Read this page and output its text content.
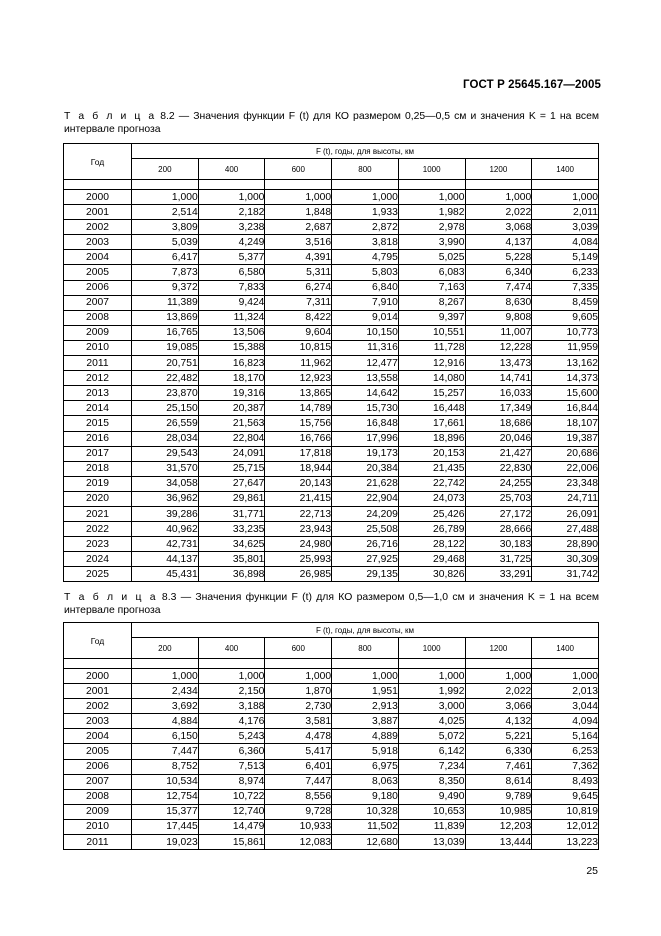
ГОСТ Р 25645.167—2005
Т а б л и ц а 8.2 — Значения функции F (t) для КО размером 0,25—0,5 см и значения K = 1 на всем интервале прогноза
Год	F (t), годы, для высоты, км						
	200	400	600	800	1000	1200	1400

2000	1,000	1,000	1,000	1,000	1,000	1,000	1,000
2001	2,514	2,182	1,848	1,933	1,982	2,022	2,011
2002	3,809	3,238	2,687	2,872	2,978	3,068	3,039
2003	5,039	4,249	3,516	3,818	3,990	4,137	4,084
2004	6,417	5,377	4,391	4,795	5,025	5,228	5,149
2005	7,873	6,580	5,311	5,803	6,083	6,340	6,233
2006	9,372	7,833	6,274	6,840	7,163	7,474	7,335
2007	11,389	9,424	7,311	7,910	8,267	8,630	8,459
2008	13,869	11,324	8,422	9,014	9,397	9,808	9,605
2009	16,765	13,506	9,604	10,150	10,551	11,007	10,773
2010	19,085	15,388	10,815	11,316	11,728	12,228	11,959
2011	20,751	16,823	11,962	12,477	12,916	13,473	13,162
2012	22,482	18,170	12,923	13,558	14,080	14,741	14,373
2013	23,870	19,316	13,865	14,642	15,257	16,033	15,600
2014	25,150	20,387	14,789	15,730	16,448	17,349	16,844
2015	26,559	21,563	15,756	16,848	17,661	18,686	18,107
2016	28,034	22,804	16,766	17,996	18,896	20,046	19,387
2017	29,543	24,091	17,818	19,173	20,153	21,427	20,686
2018	31,570	25,715	18,944	20,384	21,435	22,830	22,006
2019	34,058	27,647	20,143	21,628	22,742	24,255	23,348
2020	36,962	29,861	21,415	22,904	24,073	25,703	24,711
2021	39,286	31,771	22,713	24,209	25,426	27,172	26,091
2022	40,962	33,235	23,943	25,508	26,789	28,666	27,488
2023	42,731	34,625	24,980	26,716	28,122	30,183	28,890
2024	44,137	35,801	25,993	27,925	29,468	31,725	30,309
2025	45,431	36,898	26,985	29,135	30,826	33,291	31,742
Т а б л и ц а 8.3 — Значения функции F (t) для КО размером 0,5—1,0 см и значения K = 1 на всем интервале прогноза
Год	F (t), годы, для высоты, км						
	200	400	600	800	1000	1200	1400

2000	1,000	1,000	1,000	1,000	1,000	1,000	1,000
2001	2,434	2,150	1,870	1,951	1,992	2,022	2,013
2002	3,692	3,188	2,730	2,913	3,000	3,066	3,044
2003	4,884	4,176	3,581	3,887	4,025	4,132	4,094
2004	6,150	5,243	4,478	4,889	5,072	5,221	5,164
2005	7,447	6,360	5,417	5,918	6,142	6,330	6,253
2006	8,752	7,513	6,401	6,975	7,234	7,461	7,362
2007	10,534	8,974	7,447	8,063	8,350	8,614	8,493
2008	12,754	10,722	8,556	9,180	9,490	9,789	9,645
2009	15,377	12,740	9,728	10,328	10,653	10,985	10,819
2010	17,445	14,479	10,933	11,502	11,839	12,203	12,012
2011	19,023	15,861	12,083	12,680	13,039	13,444	13,223
25
